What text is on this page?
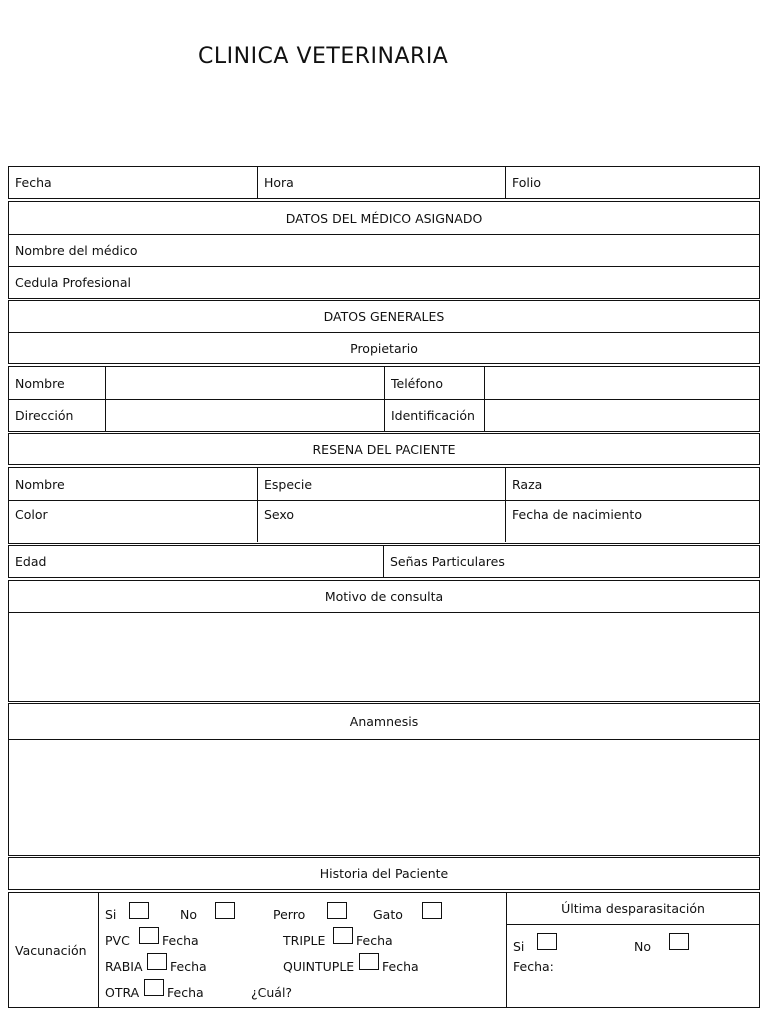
CLINICA VETERINARIA
Fecha	Hora	Folio
DATOS DEL MÉDICO ASIGNADO
Nombre del médico
Cedula Profesional
DATOS GENERALES
Propietario
Nombre	Teléfono
Dirección	Identificación
RESENA DEL PACIENTE
Nombre	Especie	Raza
Color	Sexo	Fecha de nacimiento
Edad	Señas Particulares
Motivo de consulta
Anamnesis
Historia del Paciente
Vacunación
Si	No	Perro	Gato
PVC	Fecha	TRIPLE Fecha
RABIA Fecha	QUINTUPLE Fecha
OTRA Fecha	¿Cuál?
Última desparasitación
Si	No
Fecha:
